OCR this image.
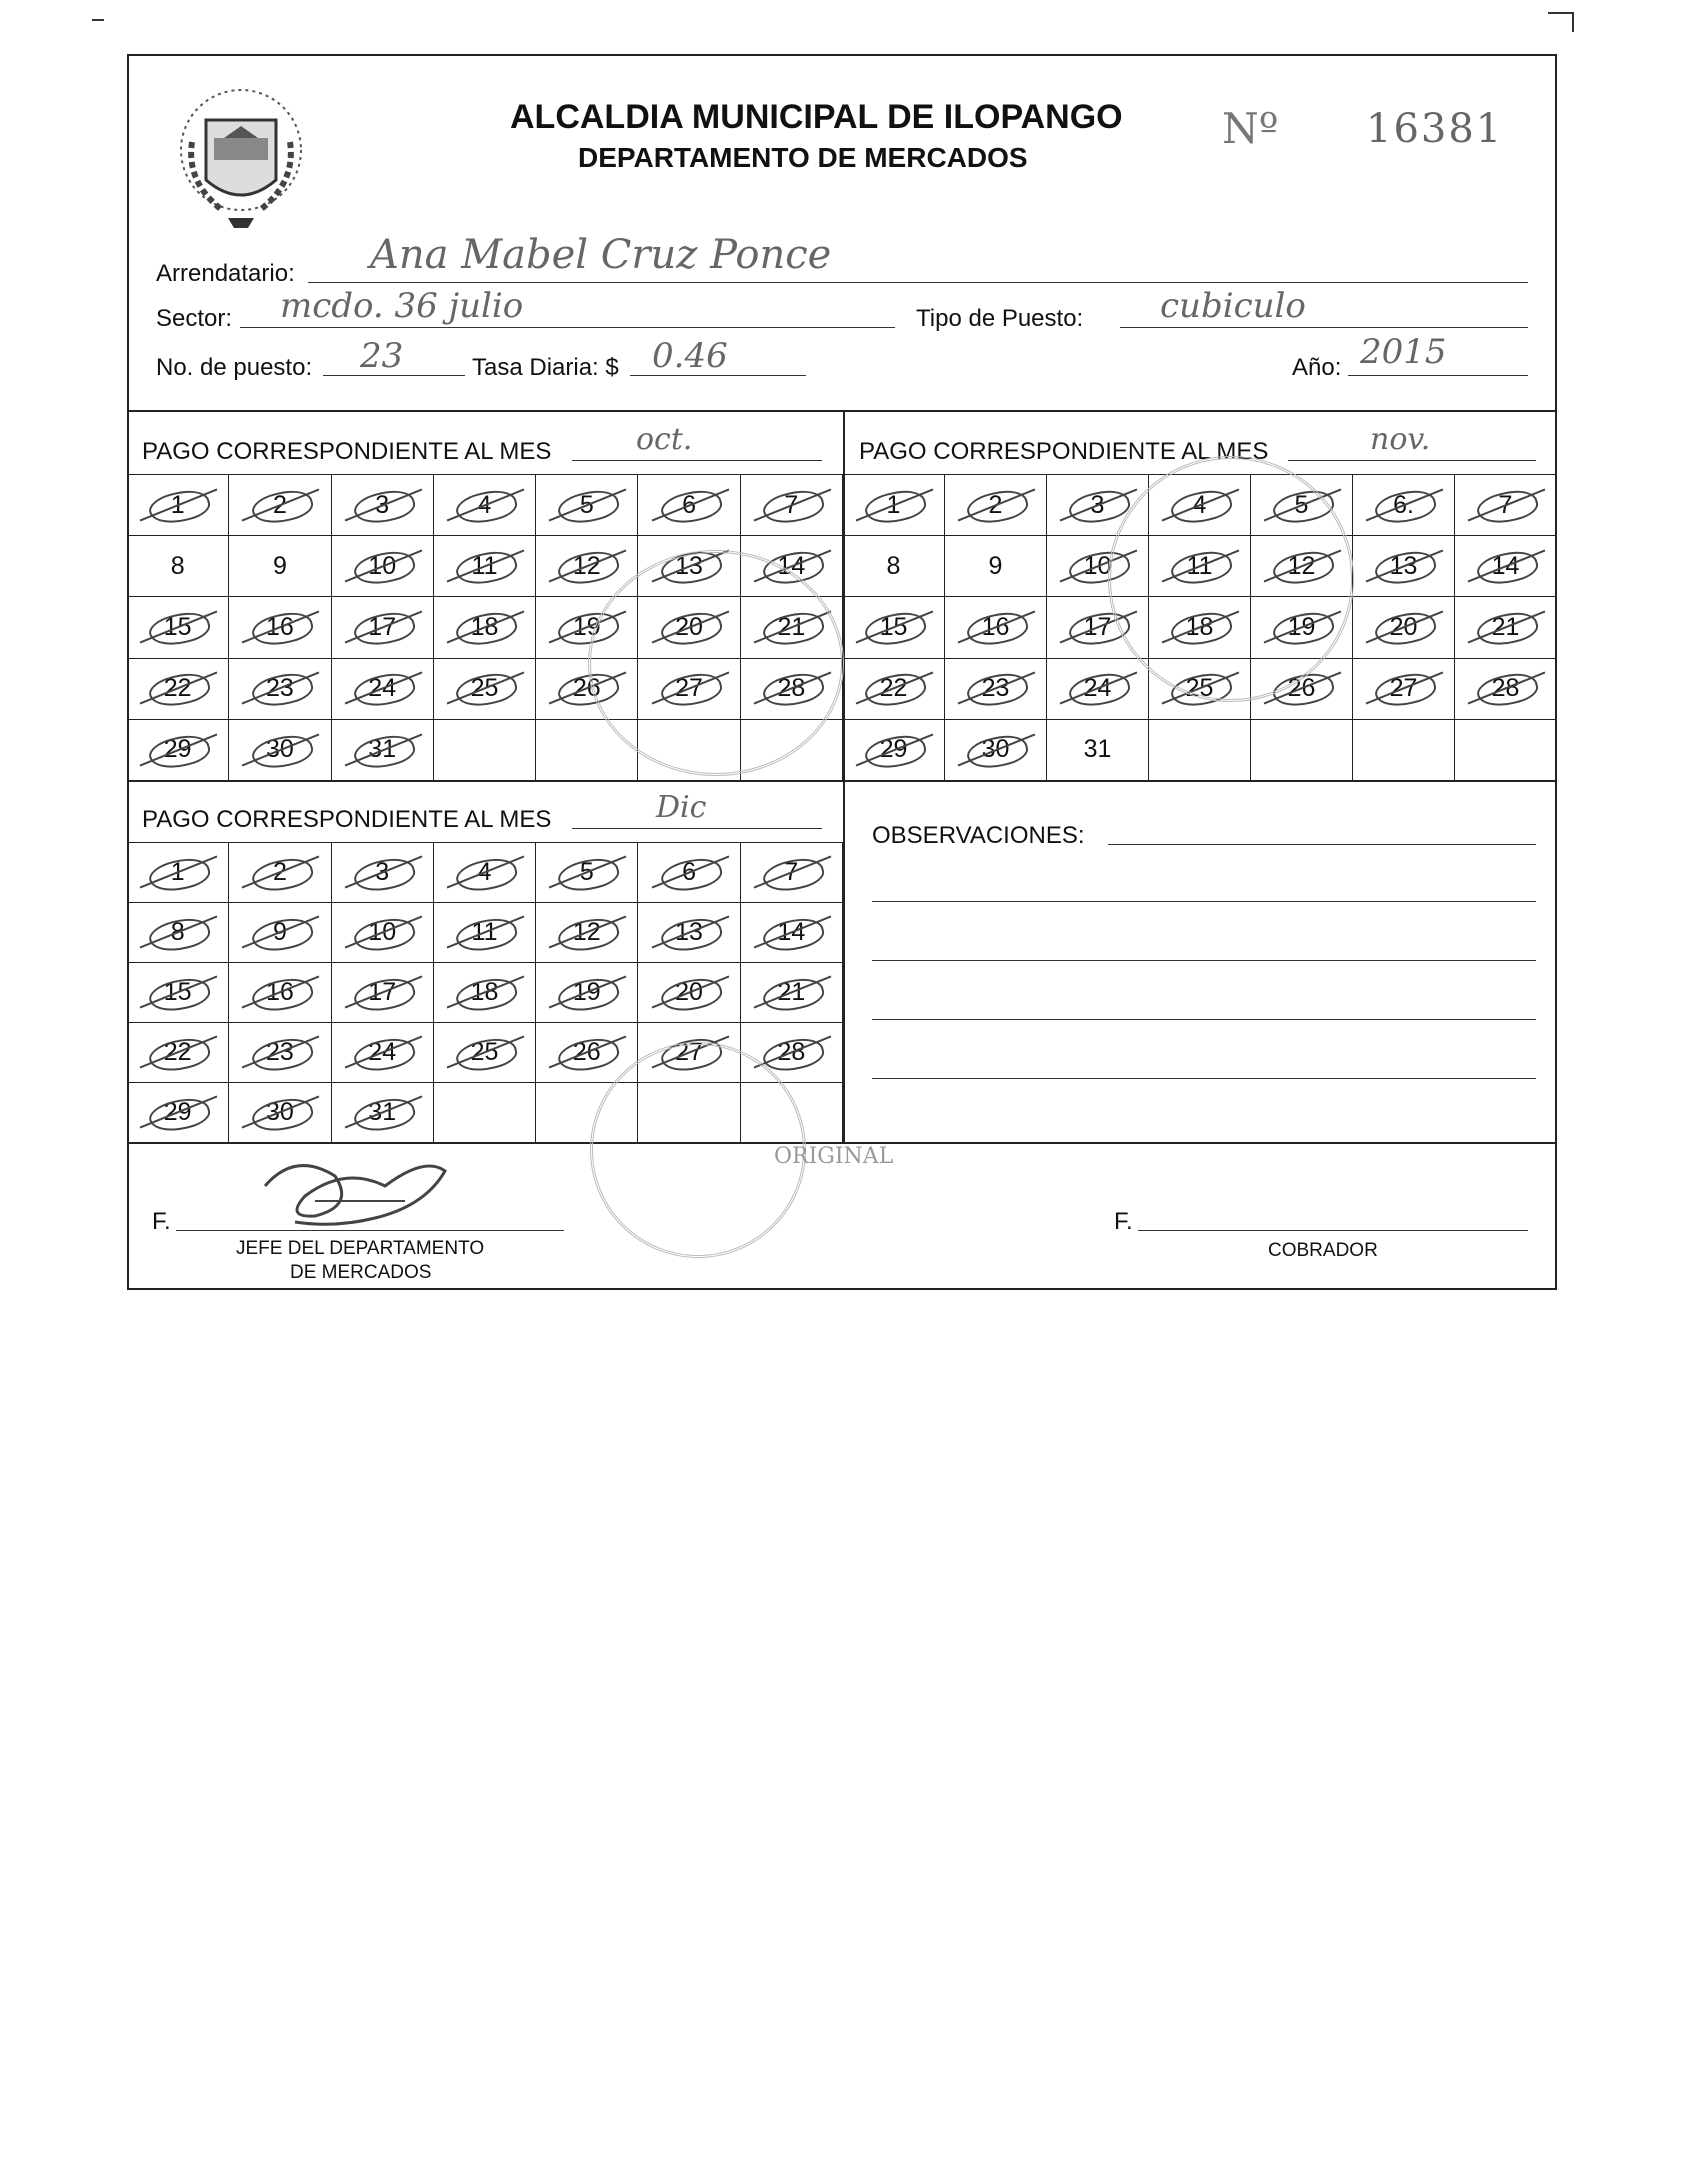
ALCALDIA MUNICIPAL DE ILOPANGO
DEPARTAMENTO DE MERCADOS
Nº 16381
Arrendatario: Ana Mabel Cruz Ponce
Sector: mcdo. 36 julio	Tipo de Puesto: cubiculo
No. de puesto: 23	Tasa Diaria: $ 0.46	Año: 2015
PAGO CORRESPONDIENTE AL MES	oct.
1	2	3	4	5	6	7
8	9	10	11	12	13	14
15	16	17	18	19	20	21
22	23	24	25	26	27	28
29	30	31
PAGO CORRESPONDIENTE AL MES	nov.
1	2	3	4	5	6.	7
8	9	10	11	12	13	14
15	16	17	18	19	20	21
22	23	24	25	26	27	28
29	30	31
PAGO CORRESPONDIENTE AL MES	Dic
1	2	3	4	5	6	7
8	9	10	11	12	13	14
15	16	17	18	19	20	21
22	23	24	25	26	27	28
29	30	31
OBSERVACIONES:
ORIGINAL
F.
JEFE DEL DEPARTAMENTO
DE MERCADOS
F.
COBRADOR
